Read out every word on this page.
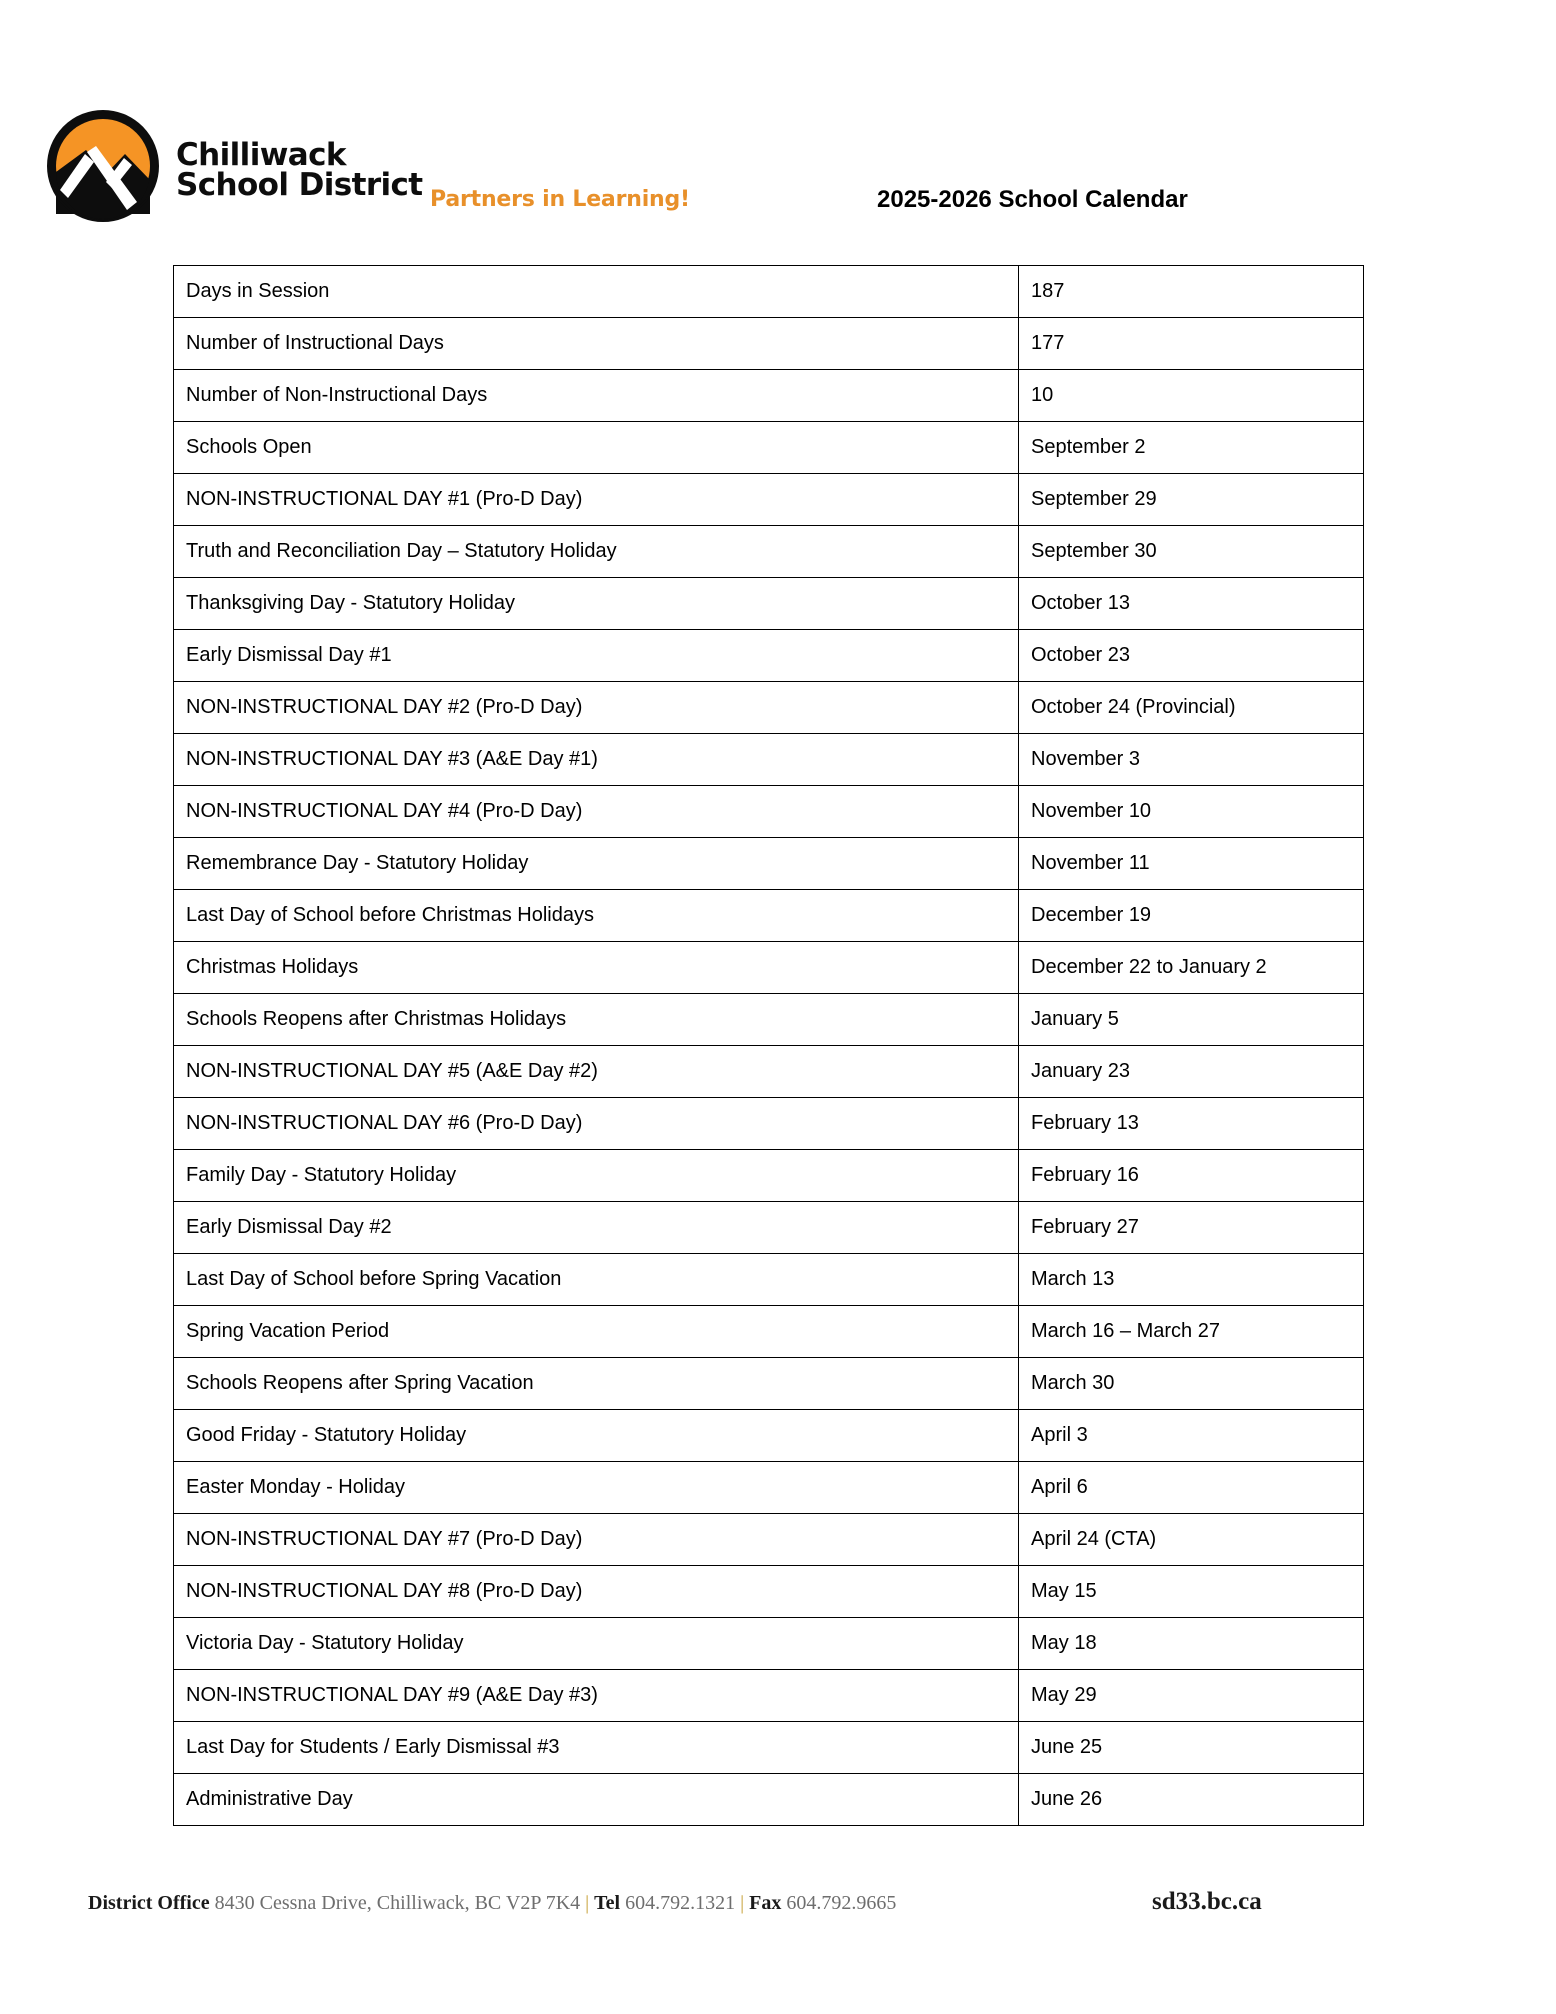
Chilliwack
School District Partners in Learning!	2025-2026 School Calendar
Days in Session	187
Number of Instructional Days	177
Number of Non-Instructional Days	10
Schools Open	September 2
NON-INSTRUCTIONAL DAY #1 (Pro-D Day)	September 29
Truth and Reconciliation Day – Statutory Holiday	September 30
Thanksgiving Day - Statutory Holiday	October 13
Early Dismissal Day #1	October 23
NON-INSTRUCTIONAL DAY #2 (Pro-D Day)	October 24 (Provincial)
NON-INSTRUCTIONAL DAY #3 (A&E Day #1)	November 3
NON-INSTRUCTIONAL DAY #4 (Pro-D Day)	November 10
Remembrance Day - Statutory Holiday	November 11
Last Day of School before Christmas Holidays	December 19
Christmas Holidays	December 22 to January 2
Schools Reopens after Christmas Holidays	January 5
NON-INSTRUCTIONAL DAY #5 (A&E Day #2)	January 23
NON-INSTRUCTIONAL DAY #6 (Pro-D Day)	February 13
Family Day - Statutory Holiday	February 16
Early Dismissal Day #2	February 27
Last Day of School before Spring Vacation	March 13
Spring Vacation Period	March 16 – March 27
Schools Reopens after Spring Vacation	March 30
Good Friday - Statutory Holiday	April 3
Easter Monday - Holiday	April 6
NON-INSTRUCTIONAL DAY #7 (Pro-D Day)	April 24 (CTA)
NON-INSTRUCTIONAL DAY #8 (Pro-D Day)	May 15
Victoria Day - Statutory Holiday	May 18
NON-INSTRUCTIONAL DAY #9 (A&E Day #3)	May 29
Last Day for Students / Early Dismissal #3	June 25
Administrative Day	June 26
District Office 8430 Cessna Drive, Chilliwack, BC V2P 7K4 | Tel 604.792.1321 | Fax 604.792.9665	sd33.bc.ca
